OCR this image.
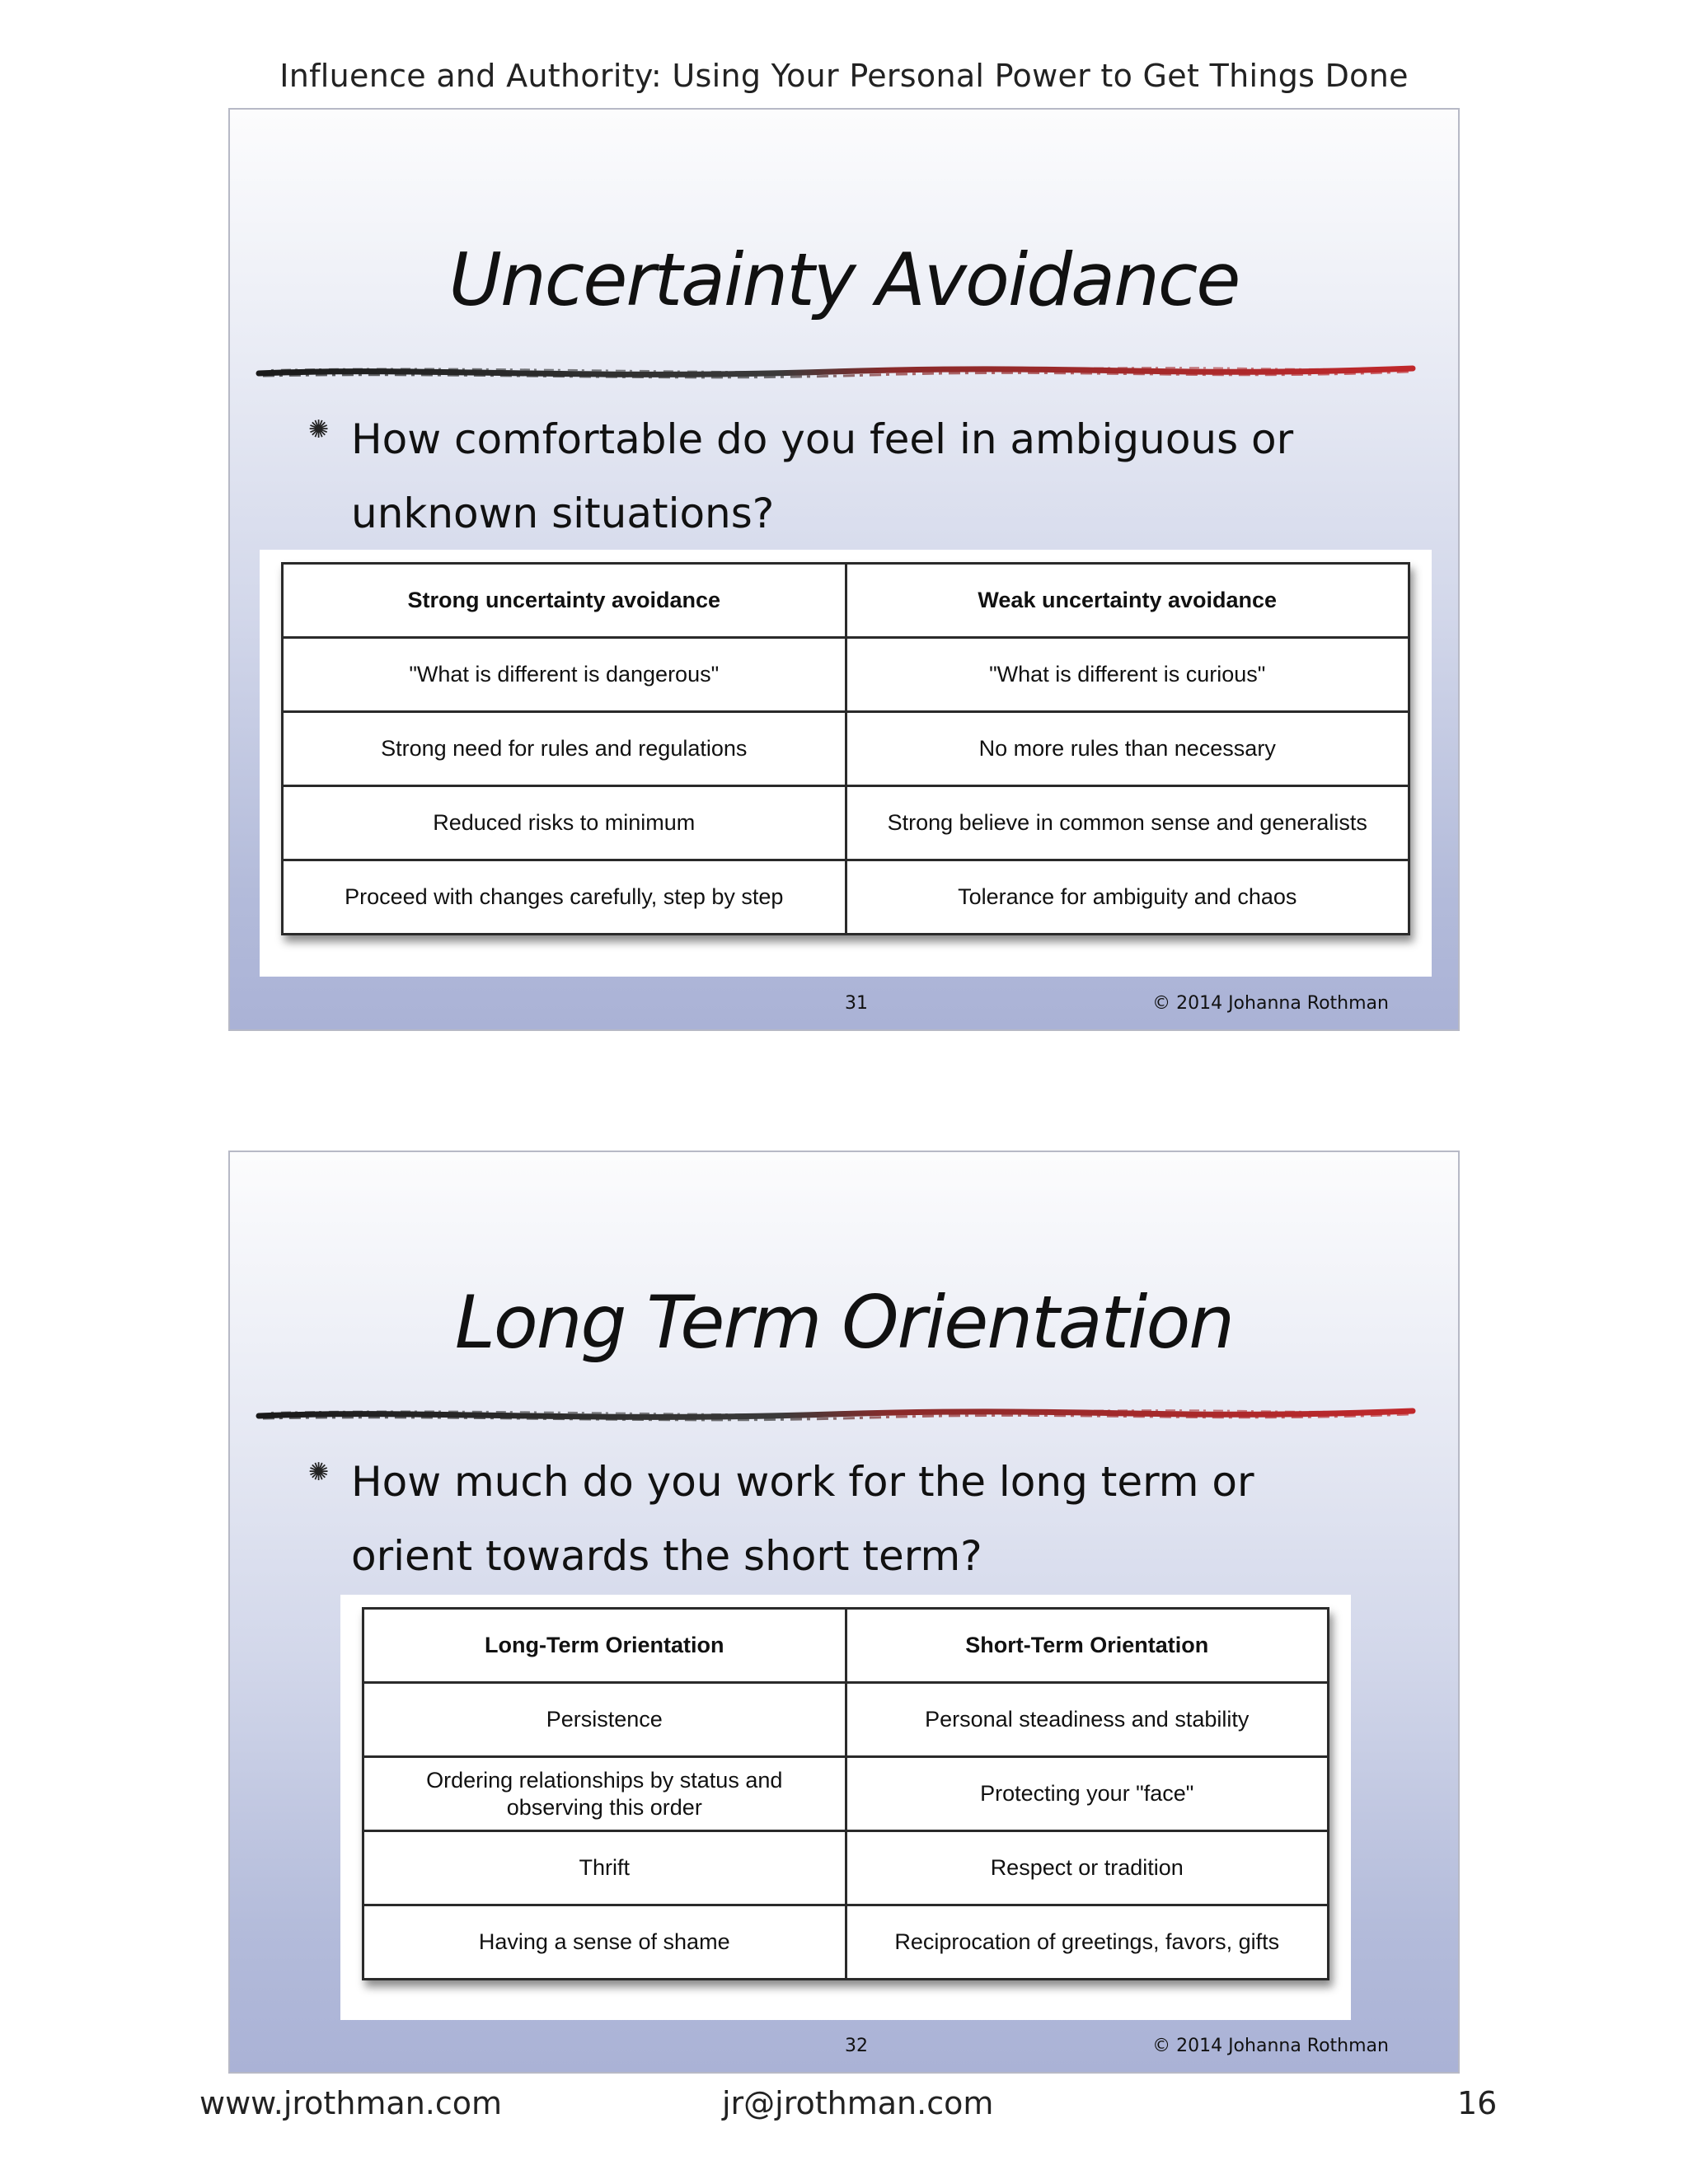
Influence and Authority: Using Your Personal Power to Get Things Done
Uncertainty Avoidance
✺ How comfortable do you feel in ambiguous or unknown situations?
Strong uncertainty avoidance	Weak uncertainty avoidance
"What is different is dangerous"	"What is different is curious"
Strong need for rules and regulations	No more rules than necessary
Reduced risks to minimum	Strong believe in common sense and generalists
Proceed with changes carefully, step by step	Tolerance for ambiguity and chaos
31	© 2014 Johanna Rothman
Long Term Orientation
✺ How much do you work for the long term or orient towards the short term?
Long-Term Orientation	Short-Term Orientation
Persistence	Personal steadiness and stability
Ordering relationships by status and observing this order	Protecting your "face"
Thrift	Respect or tradition
Having a sense of shame	Reciprocation of greetings, favors, gifts
32	© 2014 Johanna Rothman
www.jrothman.com	jr@jrothman.com	16
